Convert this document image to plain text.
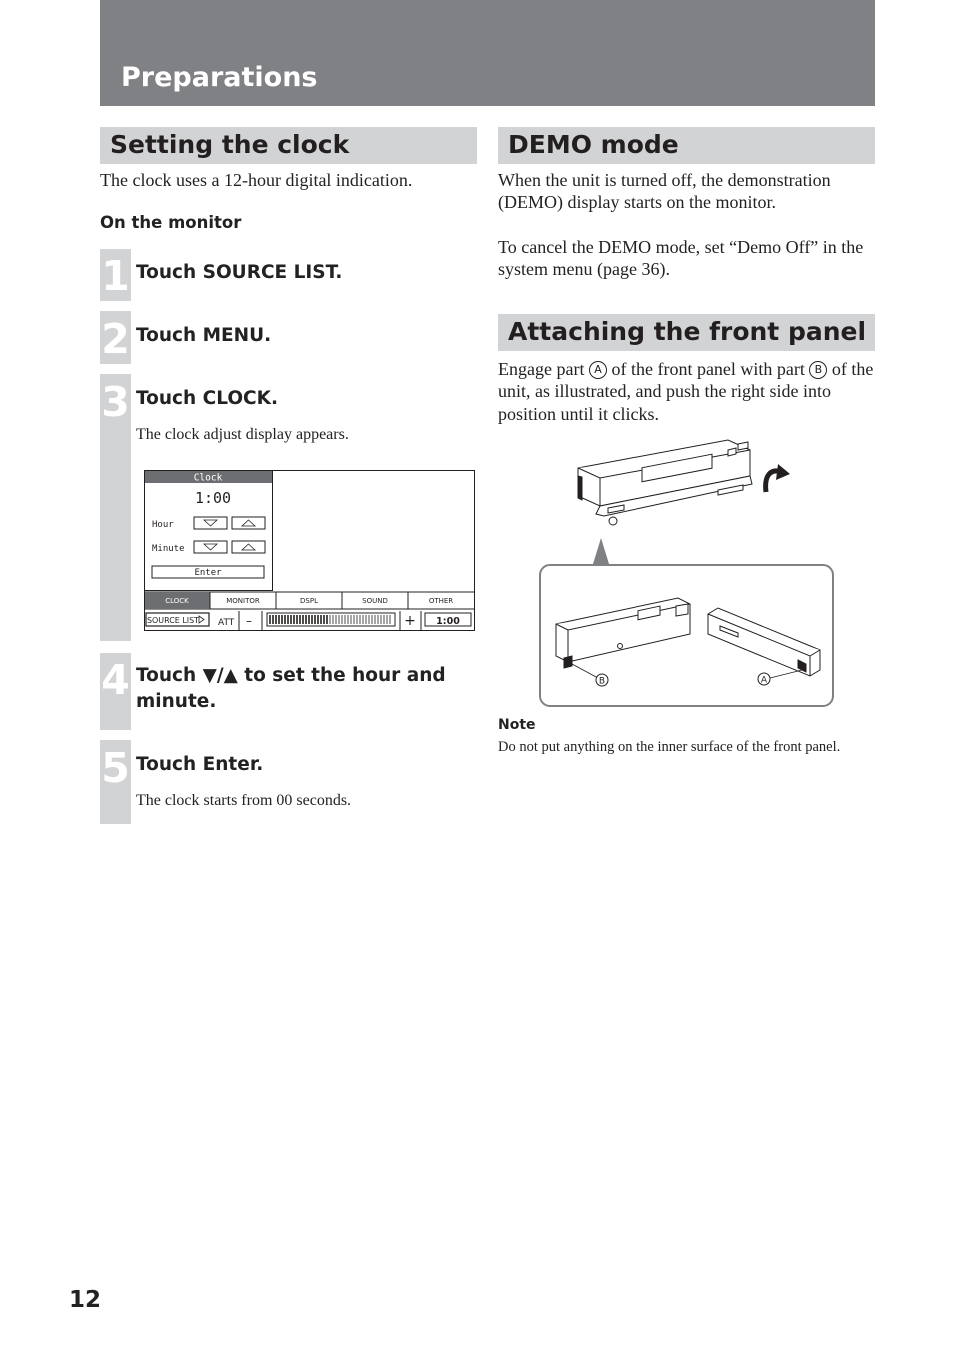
Preparations
Setting the clock
The clock uses a 12-hour digital indication.
On the monitor
1 Touch SOURCE LIST.
2 Touch MENU.
3 Touch CLOCK.
The clock adjust display appears.
Clock
1:00
Hour
Minute
Enter
CLOCK	MONITOR	DSPL	SOUND	OTHER
SOURCE LIST ATT –	+ 1:00
4 Touch ▼/▲ to set the hour and minute.
5 Touch Enter.
The clock starts from 00 seconds.
DEMO mode
When the unit is turned off, the demonstration (DEMO) display starts on the monitor.
To cancel the DEMO mode, set “Demo Off” in the system menu (page 36).
Attaching the front panel
Engage part A of the front panel with part B of the unit, as illustrated, and push the right side into position until it clicks.
B	A
Note
Do not put anything on the inner surface of the front panel.
12
